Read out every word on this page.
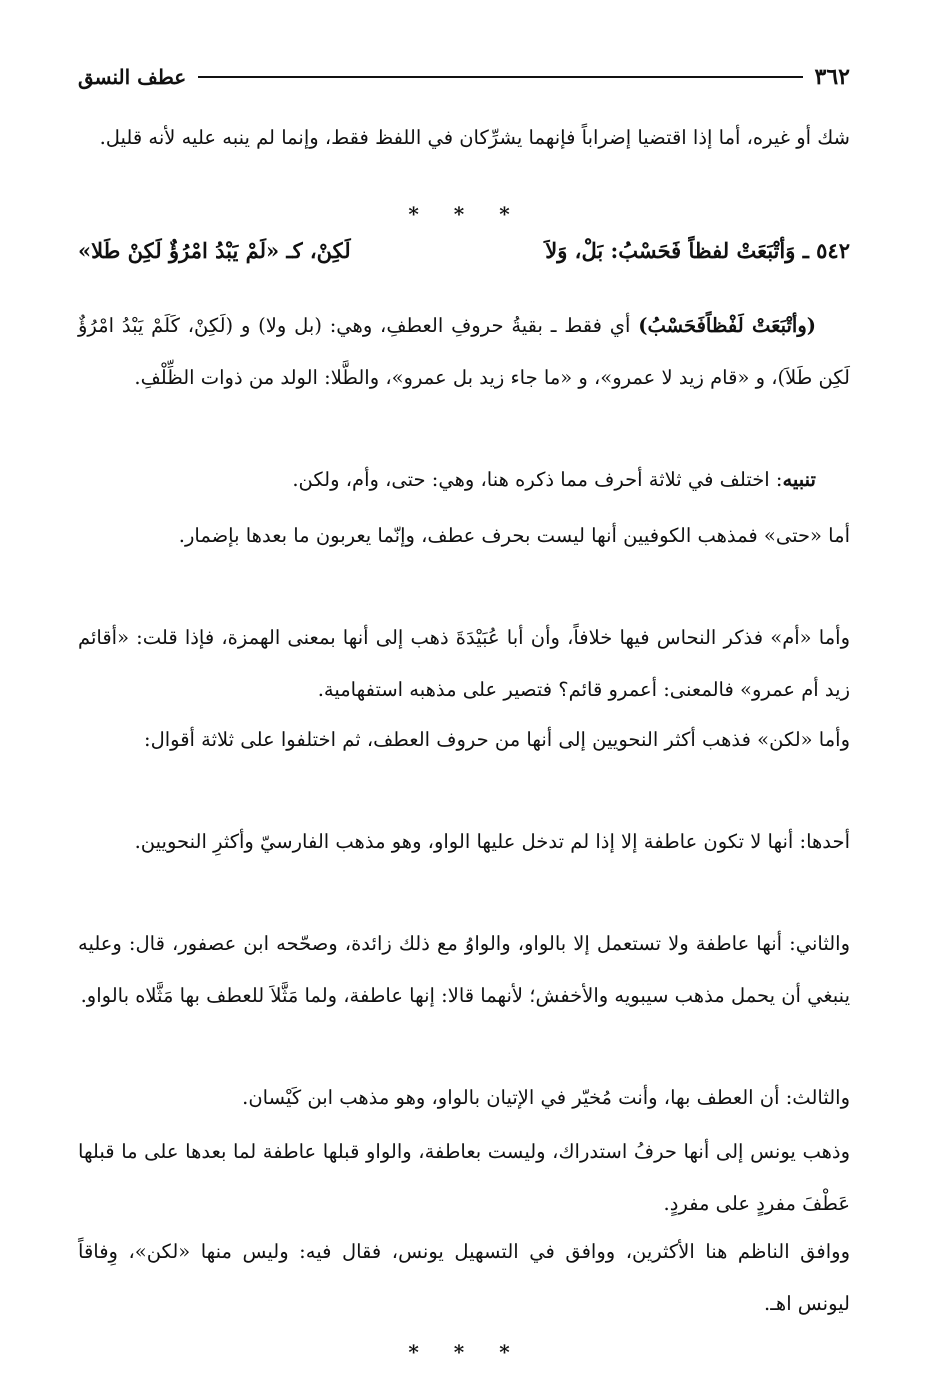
٣٦٢
عطف النسق

شك أو غيره، أما إذا اقتضيا إضراباً فإنهما يشرِّكان في اللفظ فقط، وإنما لم ينبه عليه لأنه قليل.

* * *
٥٤٢ ـ وَأتْبَعَتْ لفظاً فَحَسْبُ: بَلْ، وَلاَ
لَكِنْ، كـ «لَمْ يَبْدُ امْرُؤٌ لَكِنْ طَلا»

(وأتْبَعَتْ لَفْظاًفَحَسْبُ) أي فقط ـ بقيةُ حروفِ العطفِ، وهي: (بل ولا) و (لَكِنْ، كَلَمْ يَبْدُ امْرُؤٌ لَكِن طَلاَ)، و «قام زيد لا عمرو»، و «ما جاء زيد بل عمرو»، والطَّلا: الولد من ذوات الظِّلْفِ.

تنبيه: اختلف في ثلاثة أحرف مما ذكره هنا، وهي: حتى، وأم، ولكن.

أما «حتى» فمذهب الكوفيين أنها ليست بحرف عطف، وإنّما يعربون ما بعدها بإضمار.

وأما «أم» فذكر النحاس فيها خلافاً، وأن أبا عُبَيْدَةَ ذهب إلى أنها بمعنى الهمزة، فإذا قلت: «أقائم زيد أم عمرو» فالمعنى: أعمرو قائم؟ فتصير على مذهبه استفهامية.

وأما «لكن» فذهب أكثر النحويين إلى أنها من حروف العطف، ثم اختلفوا على ثلاثة أقوال:

أحدها: أنها لا تكون عاطفة إلا إذا لم تدخل عليها الواو، وهو مذهب الفارسيّ وأكثرِ النحويين.

والثاني: أنها عاطفة ولا تستعمل إلا بالواو، والواوُ مع ذلك زائدة، وصحّحه ابن عصفور، قال: وعليه ينبغي أن يحمل مذهب سيبويه والأخفش؛ لأنهما قالا: إنها عاطفة، ولما مَثَّلاَ للعطف بها مَثَّلاه بالواو.

والثالث: أن العطف بها، وأنت مُخيّر في الإتيان بالواو، وهو مذهب ابن كَيْسان.

وذهب يونس إلى أنها حرفُ استدراك، وليست بعاطفة، والواو قبلها عاطفة لما بعدها على ما قبلها عَطْفَ مفردٍ على مفردٍ.

ووافق الناظم هنا الأكثرين، ووافق في التسهيل يونس، فقال فيه: وليس منها «لكن»، وِفاقاً ليونس اهـ.

* * *
